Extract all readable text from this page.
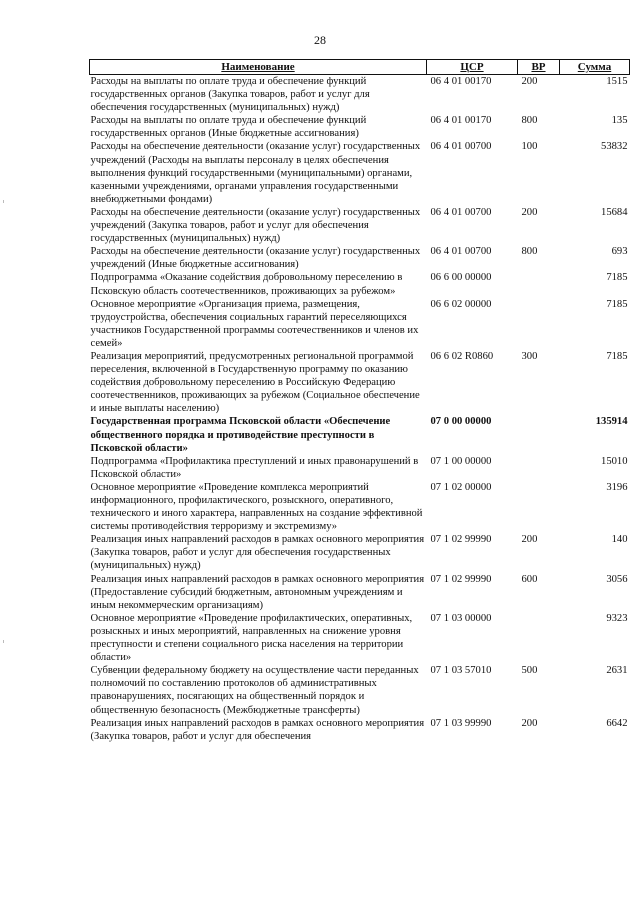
28
Наименование	ЦСР	ВР	Сумма
Расходы на выплаты по оплате труда и обеспечение функций государственных органов (Закупка товаров, работ и услуг для обеспечения государственных (муниципальных) нужд)	06 4 01 00170	200	1515
Расходы на выплаты по оплате труда и обеспечение функций государственных органов (Иные бюджетные ассигнования)	06 4 01 00170	800	135
Расходы на обеспечение деятельности (оказание услуг) государственных учреждений (Расходы на выплаты персоналу в целях обеспечения выполнения функций государственными (муниципальными) органами, казенными учреждениями, органами управления государственными внебюджетными фондами)	06 4 01 00700	100	53832
Расходы на обеспечение деятельности (оказание услуг) государственных учреждений (Закупка товаров, работ и услуг для обеспечения государственных (муниципальных) нужд)	06 4 01 00700	200	15684
Расходы на обеспечение деятельности (оказание услуг) государственных учреждений (Иные бюджетные ассигнования)	06 4 01 00700	800	693
Подпрограмма «Оказание содействия добровольному переселению в Псковскую область соотечественников, проживающих за рубежом»	06 6 00 00000		7185
Основное мероприятие «Организация приема, размещения, трудоустройства, обеспечения социальных гарантий переселяющихся участников Государственной программы соотечественников и членов их семей»	06 6 02 00000		7185
Реализация мероприятий, предусмотренных региональной программой переселения, включенной в Государственную программу по оказанию содействия добровольному переселению в Российскую Федерацию соотечественников, проживающих за рубежом (Социальное обеспечение и иные выплаты населению)	06 6 02 R0860	300	7185
Государственная программа Псковской области «Обеспечение общественного порядка и противодействие преступности в Псковской области»	07 0 00 00000		135914
Подпрограмма «Профилактика преступлений и иных правонарушений в Псковской области»	07 1 00 00000		15010
Основное мероприятие «Проведение комплекса мероприятий информационного, профилактического, розыскного, оперативного, технического и иного характера, направленных на создание эффективной системы противодействия терроризму и экстремизму»	07 1 02 00000		3196
Реализация иных направлений расходов в рамках основного мероприятия (Закупка товаров, работ и услуг для обеспечения государственных (муниципальных) нужд)	07 1 02 99990	200	140
Реализация иных направлений расходов в рамках основного мероприятия (Предоставление субсидий бюджетным, автономным учреждениям и иным некоммерческим организациям)	07 1 02 99990	600	3056
Основное мероприятие «Проведение профилактических, оперативных, розыскных и иных мероприятий, направленных на снижение уровня преступности и степени социального риска населения на территории области»	07 1 03 00000		9323
Субвенции федеральному бюджету на осуществление части переданных полномочий по составлению протоколов об административных правонарушениях, посягающих на общественный порядок и общественную безопасность (Межбюджетные трансферты)	07 1 03 57010	500	2631
Реализация иных направлений расходов в рамках основного мероприятия (Закупка товаров, работ и услуг для обеспечения	07 1 03 99990	200	6642
